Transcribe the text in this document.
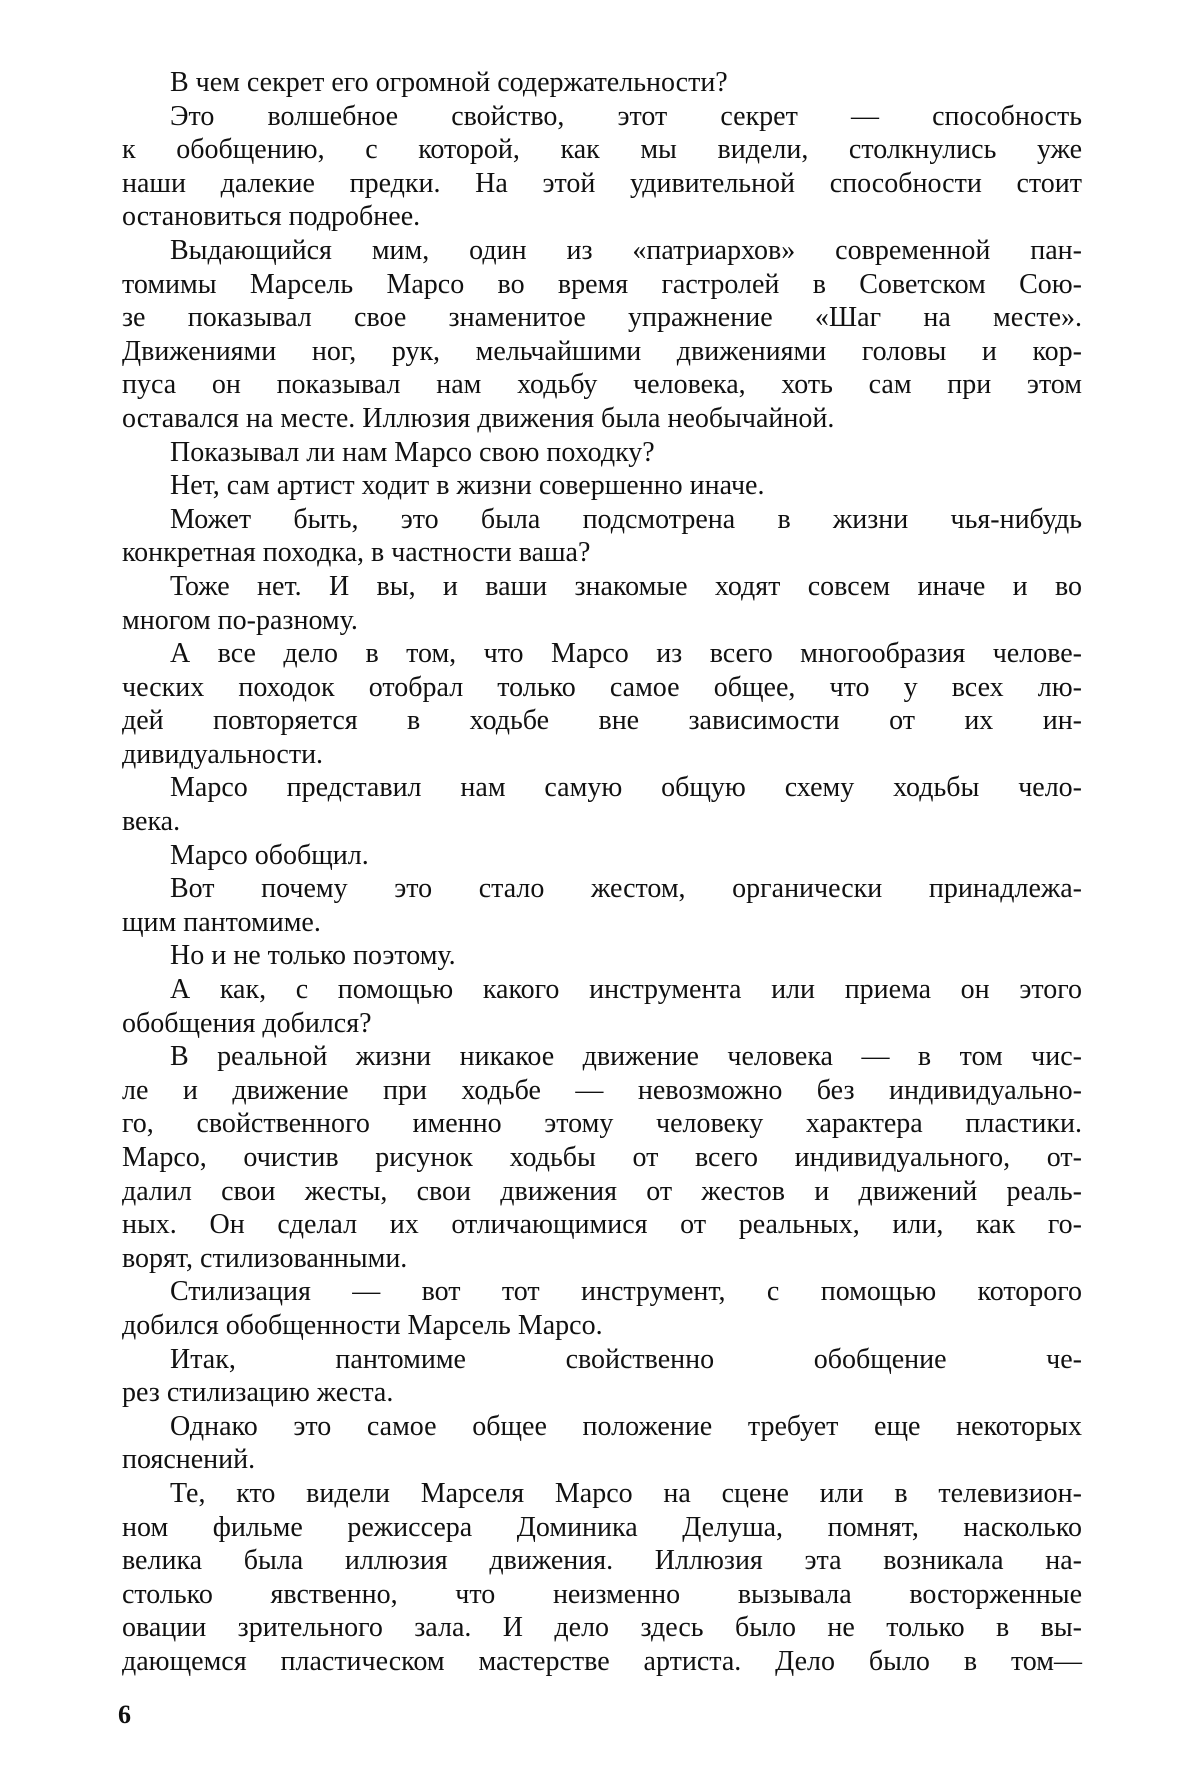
В чем секрет его огромной содержательности?
Это волшебное свойство, этот секрет — способность
к обобщению, с которой, как мы видели, столкнулись уже
наши далекие предки. На этой удивительной способности стоит
остановиться подробнее.
Выдающийся мим, один из «патриархов» современной пан-
томимы Марсель Марсо во время гастролей в Советском Сою-
зе показывал свое знаменитое упражнение «Шаг на месте».
Движениями ног, рук, мельчайшими движениями головы и кор-
пуса он показывал нам ходьбу человека, хоть сам при этом
оставался на месте. Иллюзия движения была необычайной.
Показывал ли нам Марсо свою походку?
Нет, сам артист ходит в жизни совершенно иначе.
Может быть, это была подсмотрена в жизни чья-нибудь
конкретная походка, в частности ваша?
Тоже нет. И вы, и ваши знакомые ходят совсем иначе и во
многом по-разному.
А все дело в том, что Марсо из всего многообразия челове-
ческих походок отобрал только самое общее, что у всех лю-
дей повторяется в ходьбе вне зависимости от их ин-
дивидуальности.
Марсо представил нам самую общую схему ходьбы чело-
века.
Марсо обобщил.
Вот почему это стало жестом, органически принадлежа-
щим пантомиме.
Но и не только поэтому.
А как, с помощью какого инструмента или приема он этого
обобщения добился?
В реальной жизни никакое движение человека — в том чис-
ле и движение при ходьбе — невозможно без индивидуально-
го, свойственного именно этому человеку характера пластики.
Марсо, очистив рисунок ходьбы от всего индивидуального, от-
далил свои жесты, свои движения от жестов и движений реаль-
ных. Он сделал их отличающимися от реальных, или, как го-
ворят, стилизованными.
Стилизация — вот тот инструмент, с помощью которого
добился обобщенности Марсель Марсо.
Итак, пантомиме свойственно обобщение че-
рез стилизацию жеста.
Однако это самое общее положение требует еще некоторых
пояснений.
Те, кто видели Марселя Марсо на сцене или в телевизион-
ном фильме режиссера Доминика Делуша, помнят, насколько
велика была иллюзия движения. Иллюзия эта возникала на-
столько явственно, что неизменно вызывала восторженные
овации зрительного зала. И дело здесь было не только в вы-
дающемся пластическом мастерстве артиста. Дело было в том—
6
